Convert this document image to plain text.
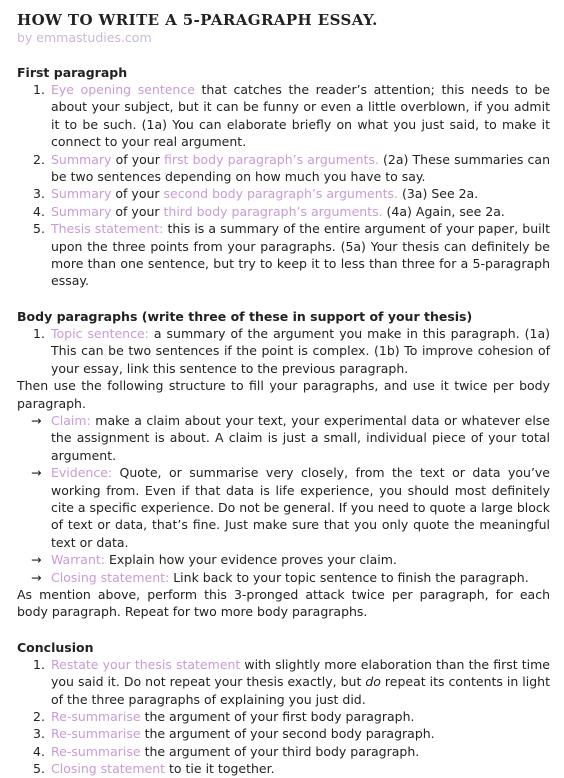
HOW TO WRITE A 5-PARAGRAPH ESSAY.
by emmastudies.com
First paragraph
1. Eye opening sentence that catches the reader’s attention; this needs to be about your subject, but it can be funny or even a little overblown, if you admit it to be such. (1a) You can elaborate briefly on what you just said, to make it connect to your real argument.
2. Summary of your first body paragraph’s arguments. (2a) These summaries can be two sentences depending on how much you have to say.
3. Summary of your second body paragraph’s arguments. (3a) See 2a.
4. Summary of your third body paragraph’s arguments. (4a) Again, see 2a.
5. Thesis statement: this is a summary of the entire argument of your paper, built upon the three points from your paragraphs. (5a) Your thesis can definitely be more than one sentence, but try to keep it to less than three for a 5-paragraph essay.
Body paragraphs (write three of these in support of your thesis)
1. Topic sentence: a summary of the argument you make in this paragraph. (1a) This can be two sentences if the point is complex. (1b) To improve cohesion of your essay, link this sentence to the previous paragraph.

Then use the following structure to fill your paragraphs, and use it twice per body paragraph.

→ Claim: make a claim about your text, your experimental data or whatever else the assignment is about. A claim is just a small, individual piece of your total argument.
→ Evidence: Quote, or summarise very closely, from the text or data you’ve working from. Even if that data is life experience, you should most definitely cite a specific experience. Do not be general. If you need to quote a large block of text or data, that’s fine. Just make sure that you only quote the meaningful text or data.
→ Warrant: Explain how your evidence proves your claim.
→ Closing statement: Link back to your topic sentence to finish the paragraph.

As mention above, perform this 3-pronged attack twice per paragraph, for each body paragraph. Repeat for two more body paragraphs.

Conclusion
1. Restate your thesis statement with slightly more elaboration than the first time you said it. Do not repeat your thesis exactly, but do repeat its contents in light of the three paragraphs of explaining you just did.
2. Re-summarise the argument of your first body paragraph.
3. Re-summarise the argument of your second body paragraph.
4. Re-summarise the argument of your third body paragraph.
5. Closing statement to tie it together.
